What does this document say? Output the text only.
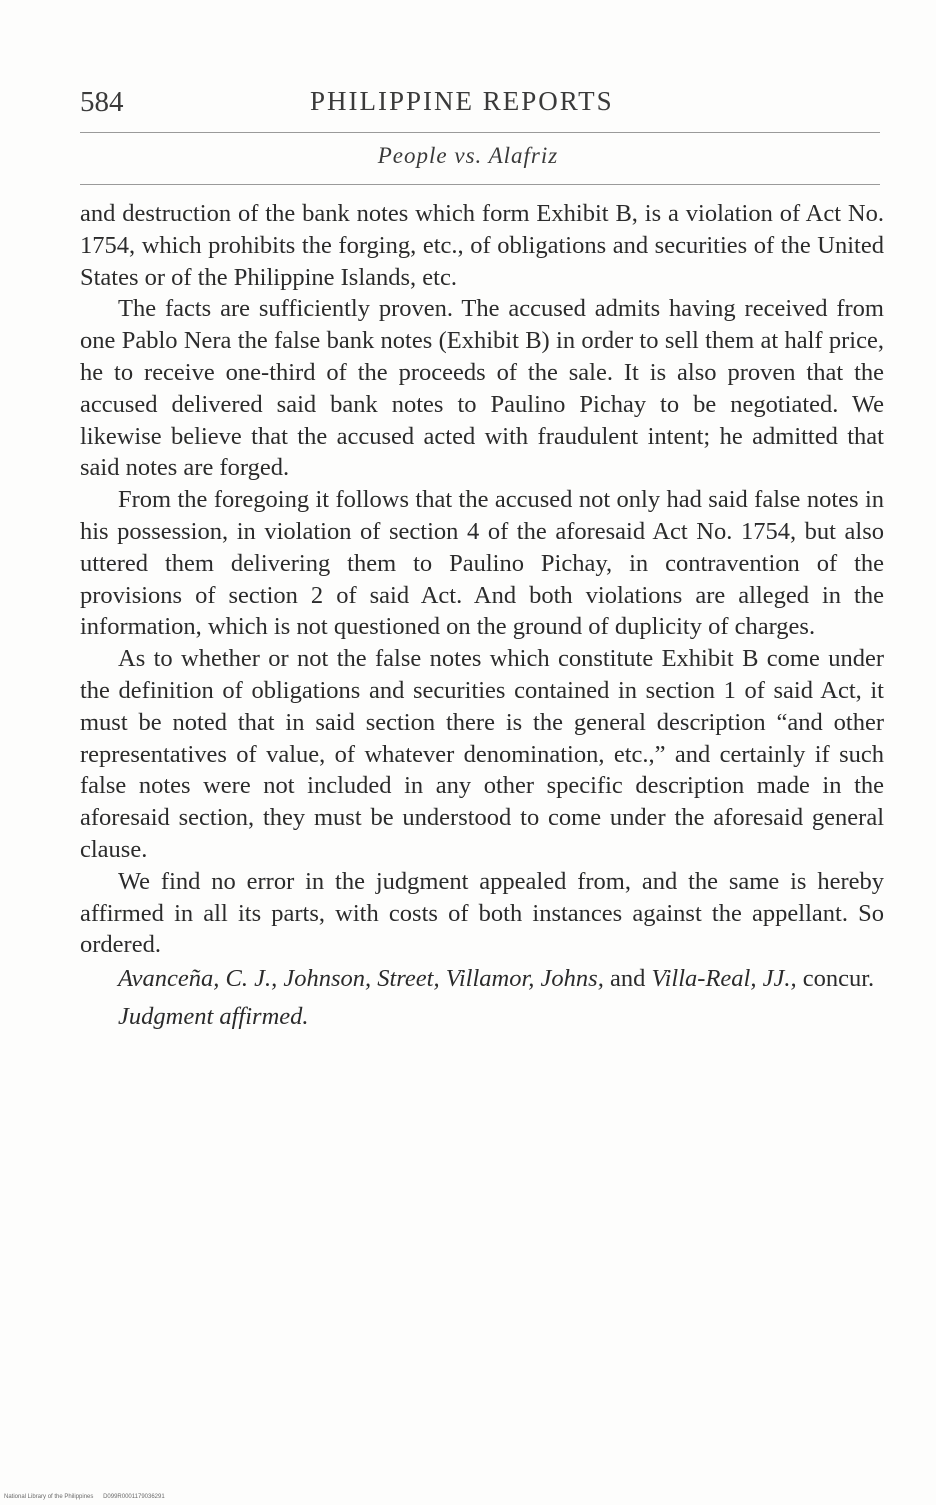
584	PHILIPPINE REPORTS
People vs. Alafriz

and destruction of the bank notes which form Exhibit B, is a violation of Act No. 1754, which prohibits the forging, etc., of obligations and securities of the United States or of the Philippine Islands, etc.

The facts are sufficiently proven. The accused admits having received from one Pablo Nera the false bank notes (Exhibit B) in order to sell them at half price, he to receive one-third of the proceeds of the sale. It is also proven that the accused delivered said bank notes to Paulino Pichay to be negotiated. We likewise believe that the accused acted with fraudulent intent; he admitted that said notes are forged.

From the foregoing it follows that the accused not only had said false notes in his possession, in violation of section 4 of the aforesaid Act No. 1754, but also uttered them delivering them to Paulino Pichay, in contravention of the provisions of section 2 of said Act. And both violations are alleged in the information, which is not questioned on the ground of duplicity of charges.

As to whether or not the false notes which constitute Exhibit B come under the definition of obligations and securities contained in section 1 of said Act, it must be noted that in said section there is the general description “and other representatives of value, of whatever denomination, etc.,” and certainly if such false notes were not included in any other specific description made in the aforesaid section, they must be understood to come under the aforesaid general clause.

We find no error in the judgment appealed from, and the same is hereby affirmed in all its parts, with costs of both instances against the appellant. So ordered.

Avanceña, C. J., Johnson, Street, Villamor, Johns, and Villa-Real, JJ., concur.

Judgment affirmed.

National Library of the Philippines D099R0001179036291
